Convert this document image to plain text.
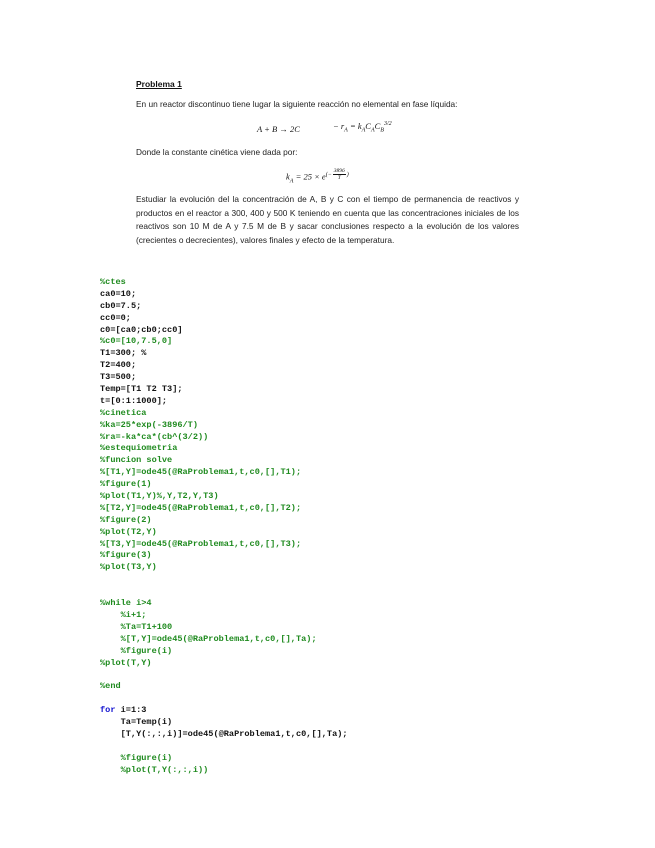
Problema 1
En un reactor discontinuo tiene lugar la siguiente reacción no elemental en fase líquida:
A + B → 2C	− $r_A = k_AC_AC_B^{3/2}$
Donde la constante cinética viene dada por:
$k_A = 25 \times e^{(- \frac{3896}{T} )}$
Estudiar la evolución del la concentración de A, B y C con el tiempo de permanencia de reactivos y productos en el reactor a 300, 400 y 500 K teniendo en cuenta que las concentraciones iniciales de los reactivos son 10 M de A y 7.5 M de B y sacar conclusiones respecto a la evolución de los valores (crecientes o decrecientes), valores finales y efecto de la temperatura.
%ctes
ca0=10;
cb0=7.5;
cc0=0;
c0=[ca0;cb0;cc0]
%c0=[10,7.5,0]
T1=300; %
T2=400;
T3=500;
Temp=[T1 T2 T3];
t=[0:1:1000];
%cinetica
%ka=25*exp(-3896/T)
%ra=-ka*ca*(cb^(3/2))
%estequiometria
%funcion solve
%[T1,Y]=ode45(@RaProblema1,t,c0,[],T1);
%figure(1)
%plot(T1,Y)%,Y,T2,Y,T3)
%[T2,Y]=ode45(@RaProblema1,t,c0,[],T2);
%figure(2)
%plot(T2,Y)
%[T3,Y]=ode45(@RaProblema1,t,c0,[],T3);
%figure(3)
%plot(T3,Y)
%while i>4
%i+1;
%Ta=T1+100
%[T,Y]=ode45(@RaProblema1,t,c0,[],Ta);
%figure(i)
%plot(T,Y)
%end
for i=1:3
Ta=Temp(i)
[T,Y(:,:,i)]=ode45(@RaProblema1,t,c0,[],Ta);
%figure(i)
%plot(T,Y(:,:,i))
